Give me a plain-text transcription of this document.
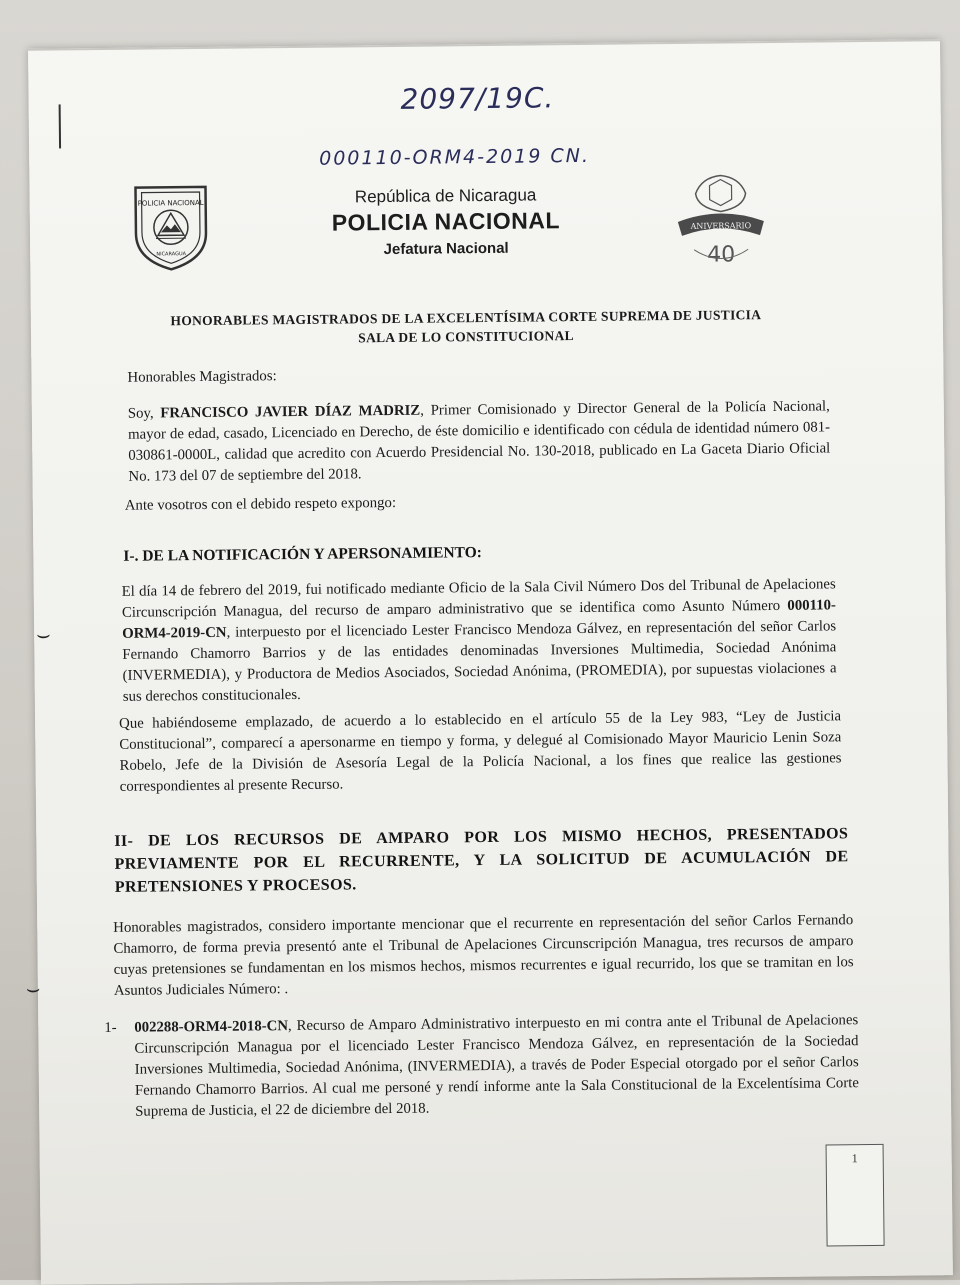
2097/19C.
000110-ORM4-2019 CN.
POLICIA NACIONAL
NICARAGUA
República de Nicaragua
POLICIA NACIONAL
Jefatura Nacional
ANIVERSARIO
40
HONORABLES MAGISTRADOS DE LA EXCELENTÍSIMA CORTE SUPREMA DE JUSTICIA
SALA DE LO CONSTITUCIONAL
Honorables Magistrados:
Soy, FRANCISCO JAVIER DÍAZ MADRIZ, Primer Comisionado y Director General de la Policía Nacional, mayor de edad, casado, Licenciado en Derecho, de éste domicilio e identificado con cédula de identidad número 081-030861-0000L, calidad que acredito con Acuerdo Presidencial No. 130-2018, publicado en La Gaceta Diario Oficial No. 173 del 07 de septiembre del 2018.
Ante vosotros con el debido respeto expongo:
I-. DE LA NOTIFICACIÓN Y APERSONAMIENTO:
El día 14 de febrero del 2019, fui notificado mediante Oficio de la Sala Civil Número Dos del Tribunal de Apelaciones Circunscripción Managua, del recurso de amparo administrativo que se identifica como Asunto Número 000110-ORM4-2019-CN, interpuesto por el licenciado Lester Francisco Mendoza Gálvez, en representación del señor Carlos Fernando Chamorro Barrios y de las entidades denominadas Inversiones Multimedia, Sociedad Anónima (INVERMEDIA), y Productora de Medios Asociados, Sociedad Anónima, (PROMEDIA), por supuestas violaciones a sus derechos constitucionales.
⌣
Que habiéndoseme emplazado, de acuerdo a lo establecido en el artículo 55 de la Ley 983, “Ley de Justicia Constitucional”, comparecí a apersonarme en tiempo y forma, y delegué al Comisionado Mayor Mauricio Lenin Soza Robelo, Jefe de la División de Asesoría Legal de la Policía Nacional, a los fines que realice las gestiones correspondientes al presente Recurso.
II- DE LOS RECURSOS DE AMPARO POR LOS MISMO HECHOS, PRESENTADOS PREVIAMENTE POR EL RECURRENTE, Y LA SOLICITUD DE ACUMULACIÓN DE PRETENSIONES Y PROCESOS.
Honorables magistrados, considero importante mencionar que el recurrente en representación del señor Carlos Fernando Chamorro, de forma previa presentó ante el Tribunal de Apelaciones Circunscripción Managua, tres recursos de amparo cuyas pretensiones se fundamentan en los mismos hechos, mismos recurrentes e igual recurrido, los que se tramitan en los Asuntos Judiciales Número: .
⌣
1-	002288-ORM4-2018-CN, Recurso de Amparo Administrativo interpuesto en mi contra ante el Tribunal de Apelaciones Circunscripción Managua por el licenciado Lester Francisco Mendoza Gálvez, en representación de la Sociedad Inversiones Multimedia, Sociedad Anónima, (INVERMEDIA), a través de Poder Especial otorgado por el señor Carlos Fernando Chamorro Barrios. Al cual me personé y rendí informe ante la Sala Constitucional de la Excelentísima Corte Suprema de Justicia, el 22 de diciembre del 2018.
1
